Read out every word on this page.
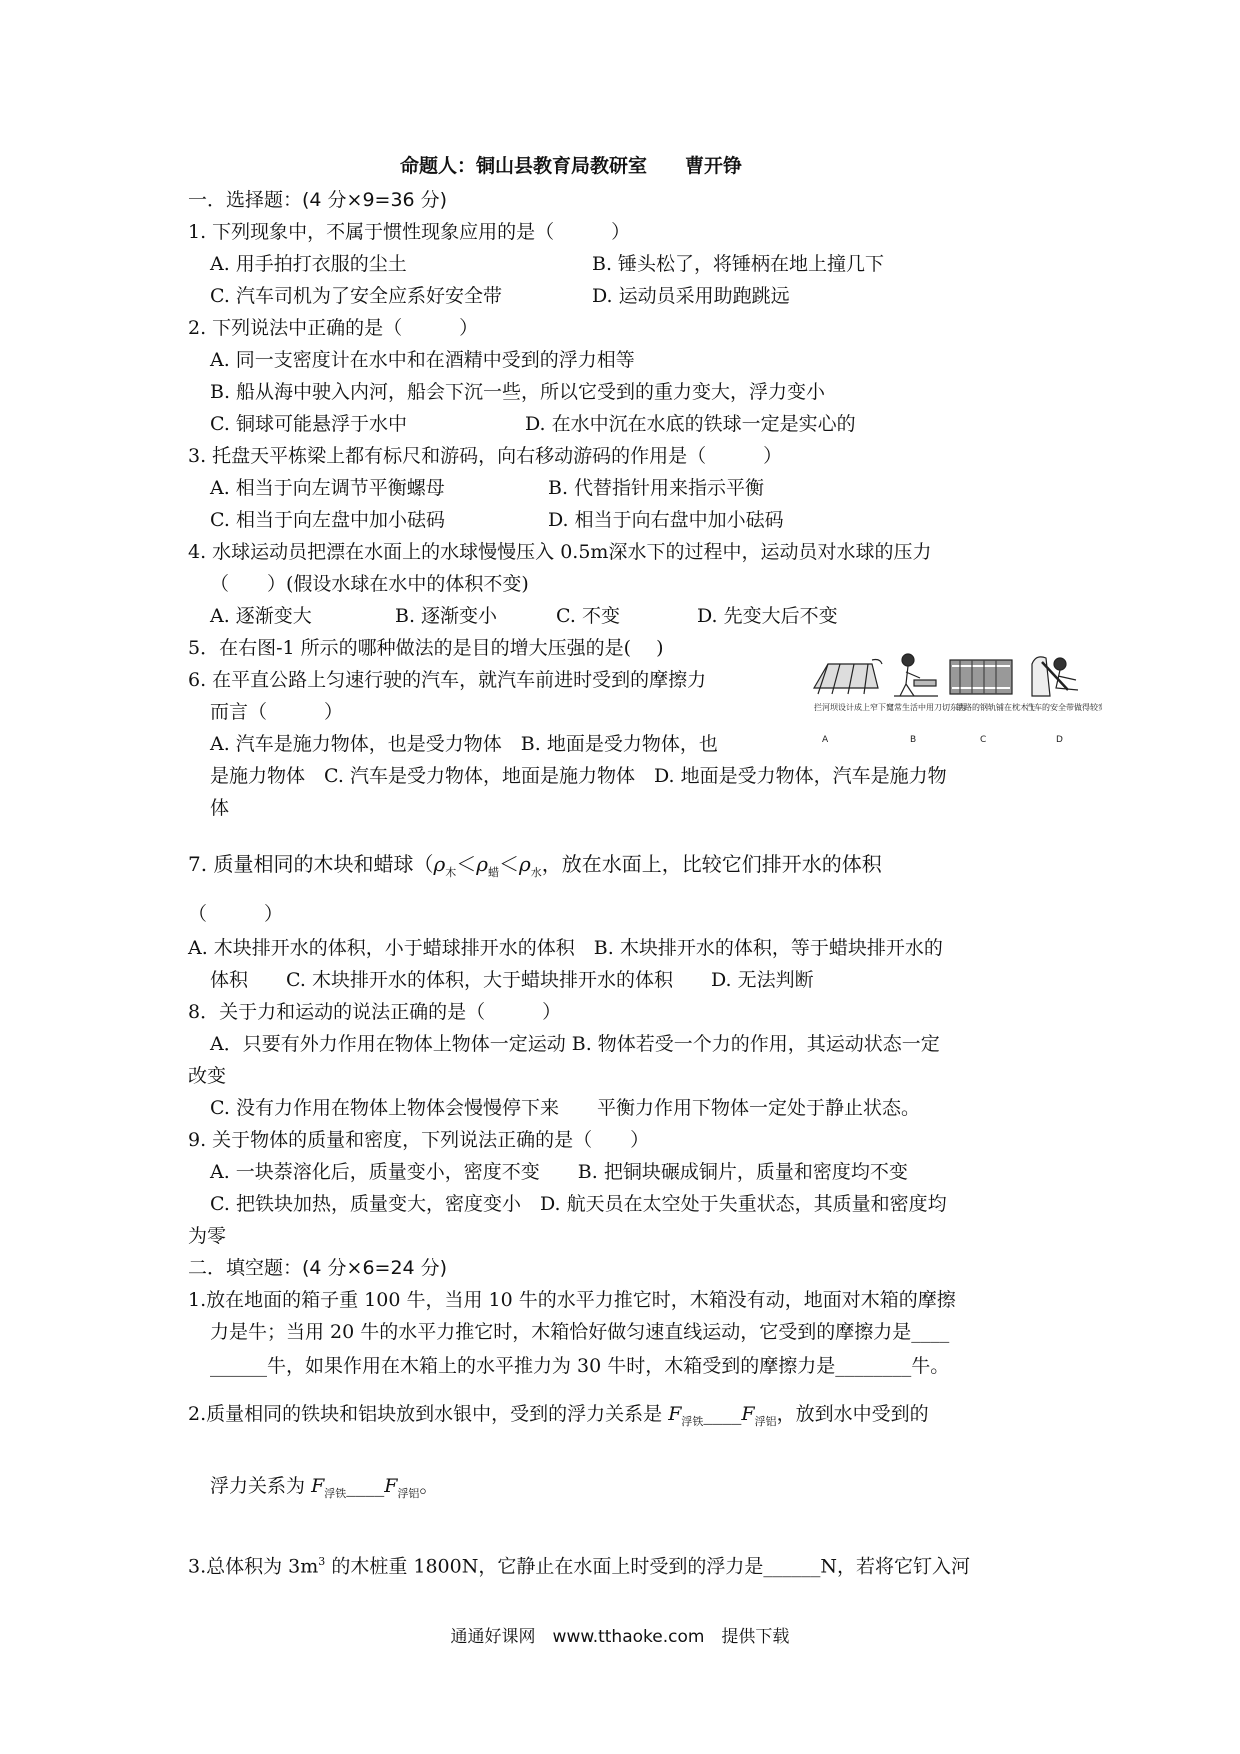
命题人：铜山县教育局教研室　　曹开铮
一．选择题：(4 分×9=36 分)
1. 下列现象中，不属于惯性现象应用的是（　　　）
A. 用手拍打衣服的尘土	B. 锤头松了，将锤柄在地上撞几下
C. 汽车司机为了安全应系好安全带	D. 运动员采用助跑跳远
2. 下列说法中正确的是（　　　）
A. 同一支密度计在水中和在酒精中受到的浮力相等
B. 船从海中驶入内河，船会下沉一些，所以它受到的重力变大，浮力变小
C. 铜球可能悬浮于水中	D. 在水中沉在水底的铁球一定是实心的
3. 托盘天平栋梁上都有标尺和游码，向右移动游码的作用是（　　　）
A. 相当于向左调节平衡螺母	B. 代替指针用来指示平衡
C. 相当于向左盘中加小砝码	D. 相当于向右盘中加小砝码
4. 水球运动员把漂在水面上的水球慢慢压入 0.5m深水下的过程中，运动员对水球的压力
（　　）(假设水球在水中的体积不变)
A. 逐渐变大	B. 逐渐变小	C. 不变	D. 先变大后不变
5．在右图-1 所示的哪种做法的是目的增大压强的是(　 )
6. 在平直公路上匀速行驶的汽车，就汽车前进时受到的摩擦力
而言（　　　）
A. 汽车是施力物体，也是受力物体　B. 地面是受力物体，也
是施力物体　C. 汽车是受力物体，地面是施力物体　D. 地面是受力物体，汽车是施力物
体
拦河坝设计成上窄下宽
日常生活中用刀切东西
铁路的钢轨铺在枕木上
汽车的安全带做得较宽
A	B	C	D
7. 质量相同的木块和蜡球（$\rho_木<\rho_蜡<\rho_水$，放在水面上，比较它们排开水的体积
（　　　）
A. 木块排开水的体积，小于蜡球排开水的体积　B. 木块排开水的体积，等于蜡块排开水的
体积　　C. 木块排开水的体积，大于蜡块排开水的体积　　D. 无法判断
8．关于力和运动的说法正确的是（　　　）
A．只要有外力作用在物体上物体一定运动 B. 物体若受一个力的作用，其运动状态一定
改变
C. 没有力作用在物体上物体会慢慢停下来　　平衡力作用下物体一定处于静止状态。
9. 关于物体的质量和密度，下列说法正确的是（　　）
A. 一块萘溶化后，质量变小，密度不变　　B. 把铜块碾成铜片，质量和密度均不变
C. 把铁块加热，质量变大，密度变小　D. 航天员在太空处于失重状态，其质量和密度均
为零
二．填空题：(4 分×6=24 分)
1.放在地面的箱子重 100 牛，当用 10 牛的水平力推它时，木箱没有动，地面对木箱的摩擦
力是牛；当用 20 牛的水平力推它时，木箱恰好做匀速直线运动，它受到的摩擦力是____
______牛，如果作用在木箱上的水平推力为 30 牛时，木箱受到的摩擦力是________牛。
2.质量相同的铁块和铝块放到水银中，受到的浮力关系是 $F_{浮铁}\_\_\_\_F_{浮铝}$，放到水中受到的
浮力关系为 $F_{浮铁}\_\_\_\_F_{浮铝}$。
3.总体积为 $3m^3$ 的木桩重 1800N，它静止在水面上时受到的浮力是______N，若将它钉入河
通通好课网　www.tthaoke.com　提供下载
